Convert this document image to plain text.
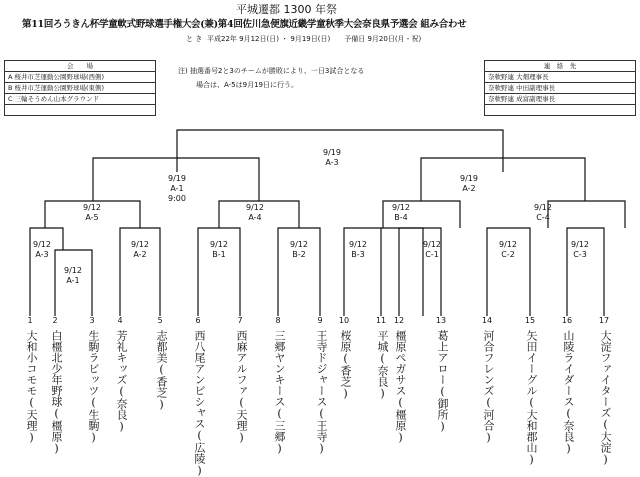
平城遷都 1300 年祭
第11回ろうきん杯学童軟式野球選手権大会(兼)第4回佐川急便旗近畿学童秋季大会奈良県予選会 組み合わせ
と き 平成22年 9月12日(日) ・ 9月19日(日)　　予備日 9月20日(月・祝)
会　　場
A 桜井市芝運動公園野球場(西側)
B 桜井市芝運動公園野球場(東側)
C 三輪そうめん山本グラウンド
注) 抽選番号2と3のチームが勝敗により、一日3試合となる
場合は、A-5は9月19日に行う。
連　絡　先
奈軟野連 大畑理事長
奈軟野連 中田副理事長
奈軟野連 成富副理事長
9/19
A-3
9/19
A-1
9:00
9/19
A-2
9/12
A-5
9/12
A-4
9/12
B-4
9/12
C-4
9/12
A-3
9/12
A-1
9/12
A-2
9/12
B-1
9/12
B-2
9/12
B-3
9/12
C-1
9/12
C-2
9/12
C-3
1	2	3	4	5	6	7	8	9	10	11 12	13	14	15	16	17
大和小コモモ(天理) 白橿北少年野球(橿原) 生駒ラビッツ(生駒) 芳礼キッズ(奈良) 志都美(香芝) 西八尾アンビシャス(広陵)	西麻アルファ(天理) 三郷ヤンキース(三郷)	王寺ドジャース(王寺) 桜原(香芝) 平城(奈良) 橿原ペガサス(橿原)	葛上アロー(御所)	河合フレンズ(河合)	矢田イーグル(大和郡山) 山陵ライダース(奈良) 大淀ファイターズ(大淀)
